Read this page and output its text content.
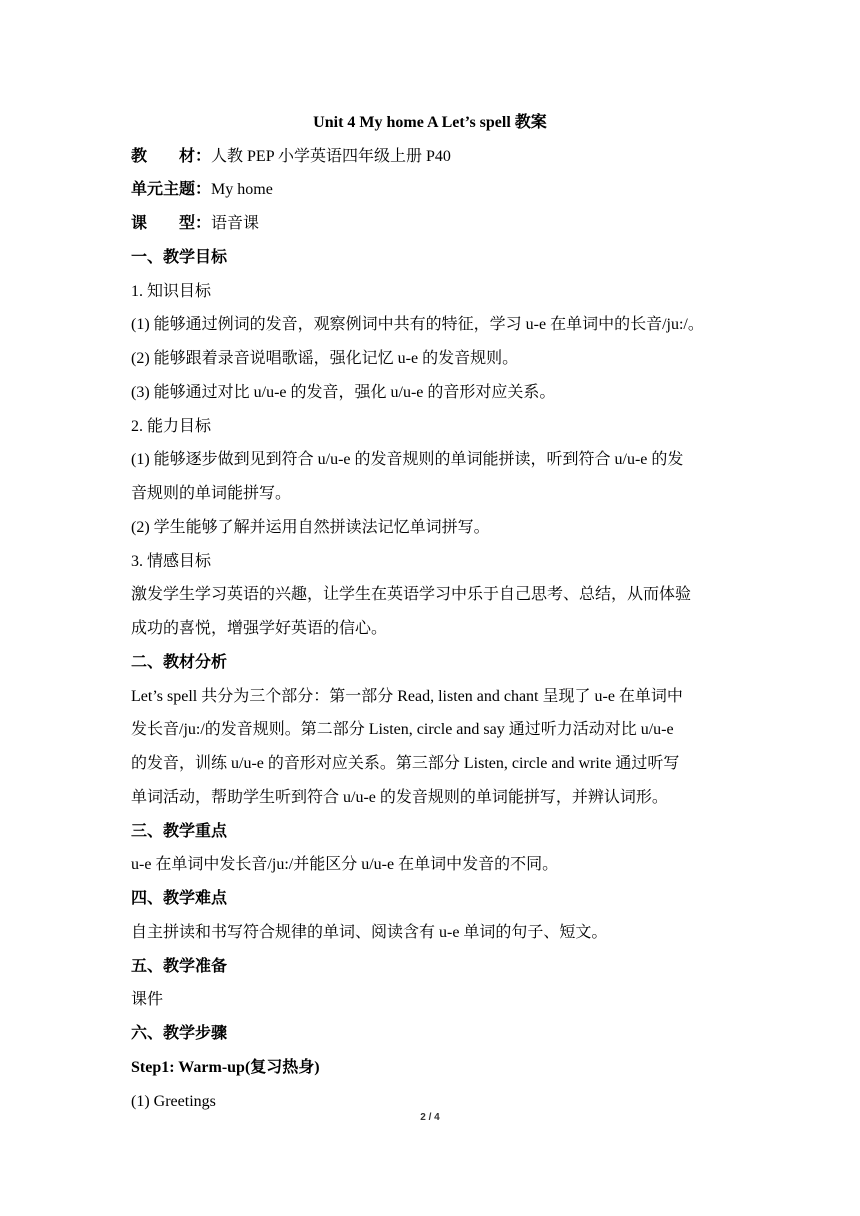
Unit 4 My home A Let’s spell 教案
教　　材：人教 PEP 小学英语四年级上册 P40
单元主题：My home
课　　型：语音课
一、教学目标
1. 知识目标
(1) 能够通过例词的发音，观察例词中共有的特征，学习 u-e 在单词中的长音/ju:/。
(2) 能够跟着录音说唱歌谣，强化记忆 u-e 的发音规则。
(3) 能够通过对比 u/u-e 的发音，强化 u/u-e 的音形对应关系。
2. 能力目标
(1) 能够逐步做到见到符合 u/u-e 的发音规则的单词能拼读，听到符合 u/u-e 的发
音规则的单词能拼写。
(2) 学生能够了解并运用自然拼读法记忆单词拼写。
3. 情感目标
激发学生学习英语的兴趣，让学生在英语学习中乐于自己思考、总结，从而体验
成功的喜悦，增强学好英语的信心。
二、教材分析
Let’s spell 共分为三个部分：第一部分 Read, listen and chant 呈现了 u-e 在单词中
发长音/ju:/的发音规则。第二部分 Listen, circle and say 通过听力活动对比 u/u-e
的发音，训练 u/u-e 的音形对应关系。第三部分 Listen, circle and write 通过听写
单词活动，帮助学生听到符合 u/u-e 的发音规则的单词能拼写，并辨认词形。
三、教学重点
u-e 在单词中发长音/ju:/并能区分 u/u-e 在单词中发音的不同。
四、教学难点
自主拼读和书写符合规律的单词、阅读含有 u-e 单词的句子、短文。
五、教学准备
课件
六、教学步骤
Step1: Warm-up(复习热身)
(1) Greetings
2 / 4
